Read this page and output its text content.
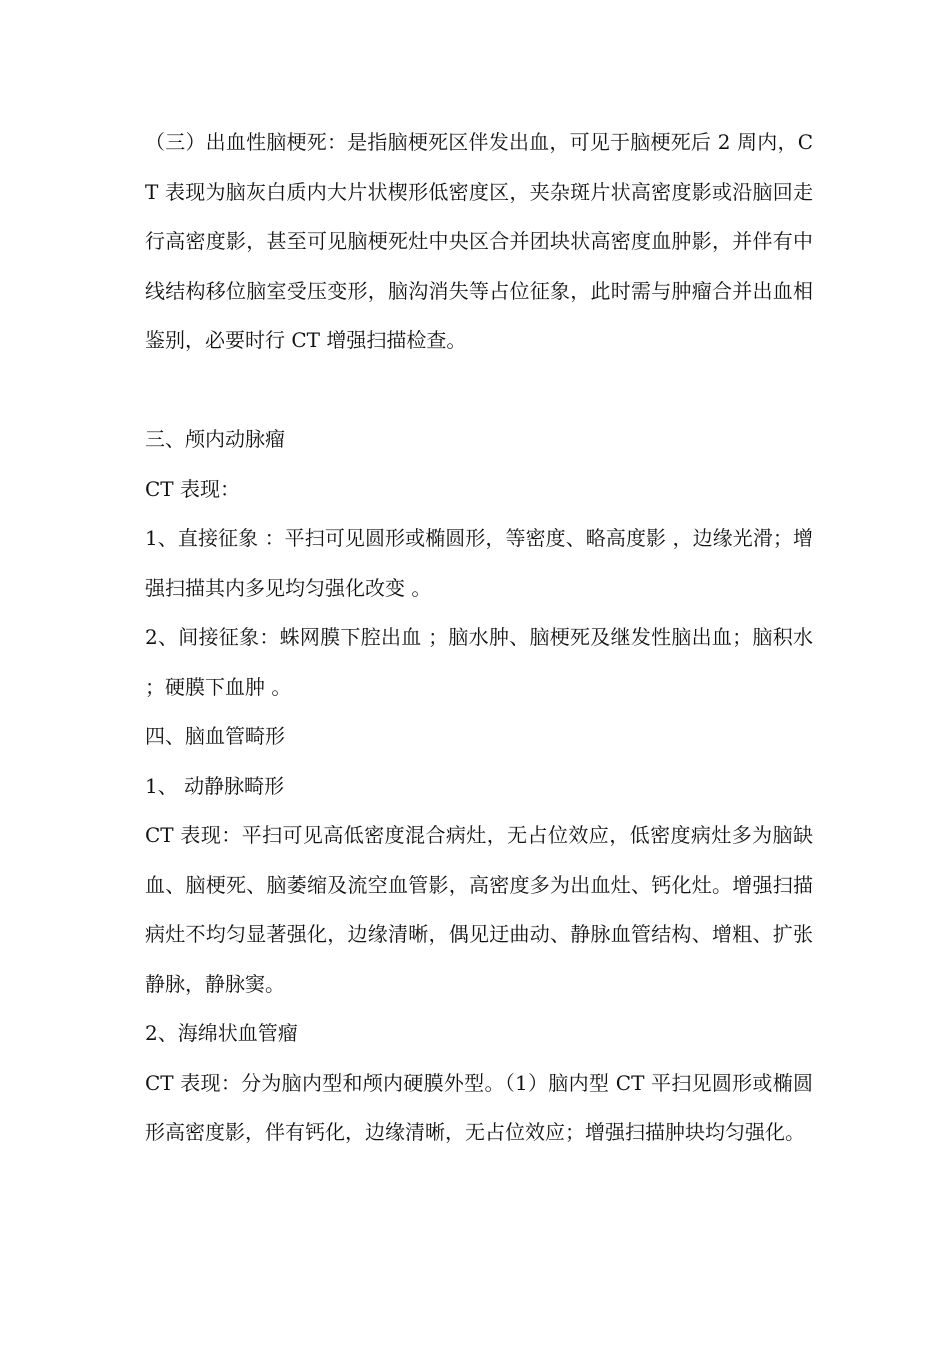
（三）出血性脑梗死：是指脑梗死区伴发出血，可见于脑梗死后 2 周内，CT 表现为脑灰白质内大片状楔形低密度区，夹杂斑片状高密度影或沿脑回走行高密度影，甚至可见脑梗死灶中央区合并团块状高密度血肿影，并伴有中线结构移位脑室受压变形，脑沟消失等占位征象，此时需与肿瘤合并出血相鉴别，必要时行 CT 增强扫描检查。

三、颅内动脉瘤

CT 表现：

1、直接征象 ：平扫可见圆形或椭圆形，等密度、略高度影 ，边缘光滑；增强扫描其内多见均匀强化改变 。

2、间接征象：蛛网膜下腔出血 ；脑水肿、脑梗死及继发性脑出血；脑积水 ；硬膜下血肿 。

四、脑血管畸形

1、 动静脉畸形

CT 表现：平扫可见高低密度混合病灶，无占位效应，低密度病灶多为脑缺血、脑梗死、脑萎缩及流空血管影，高密度多为出血灶、钙化灶。增强扫描病灶不均匀显著强化，边缘清晰，偶见迂曲动、静脉血管结构、增粗、扩张静脉，静脉窦。

2、海绵状血管瘤

CT 表现：分为脑内型和颅内硬膜外型。（1）脑内型 CT 平扫见圆形或椭圆形高密度影，伴有钙化，边缘清晰，无占位效应；增强扫描肿块均匀强化。
